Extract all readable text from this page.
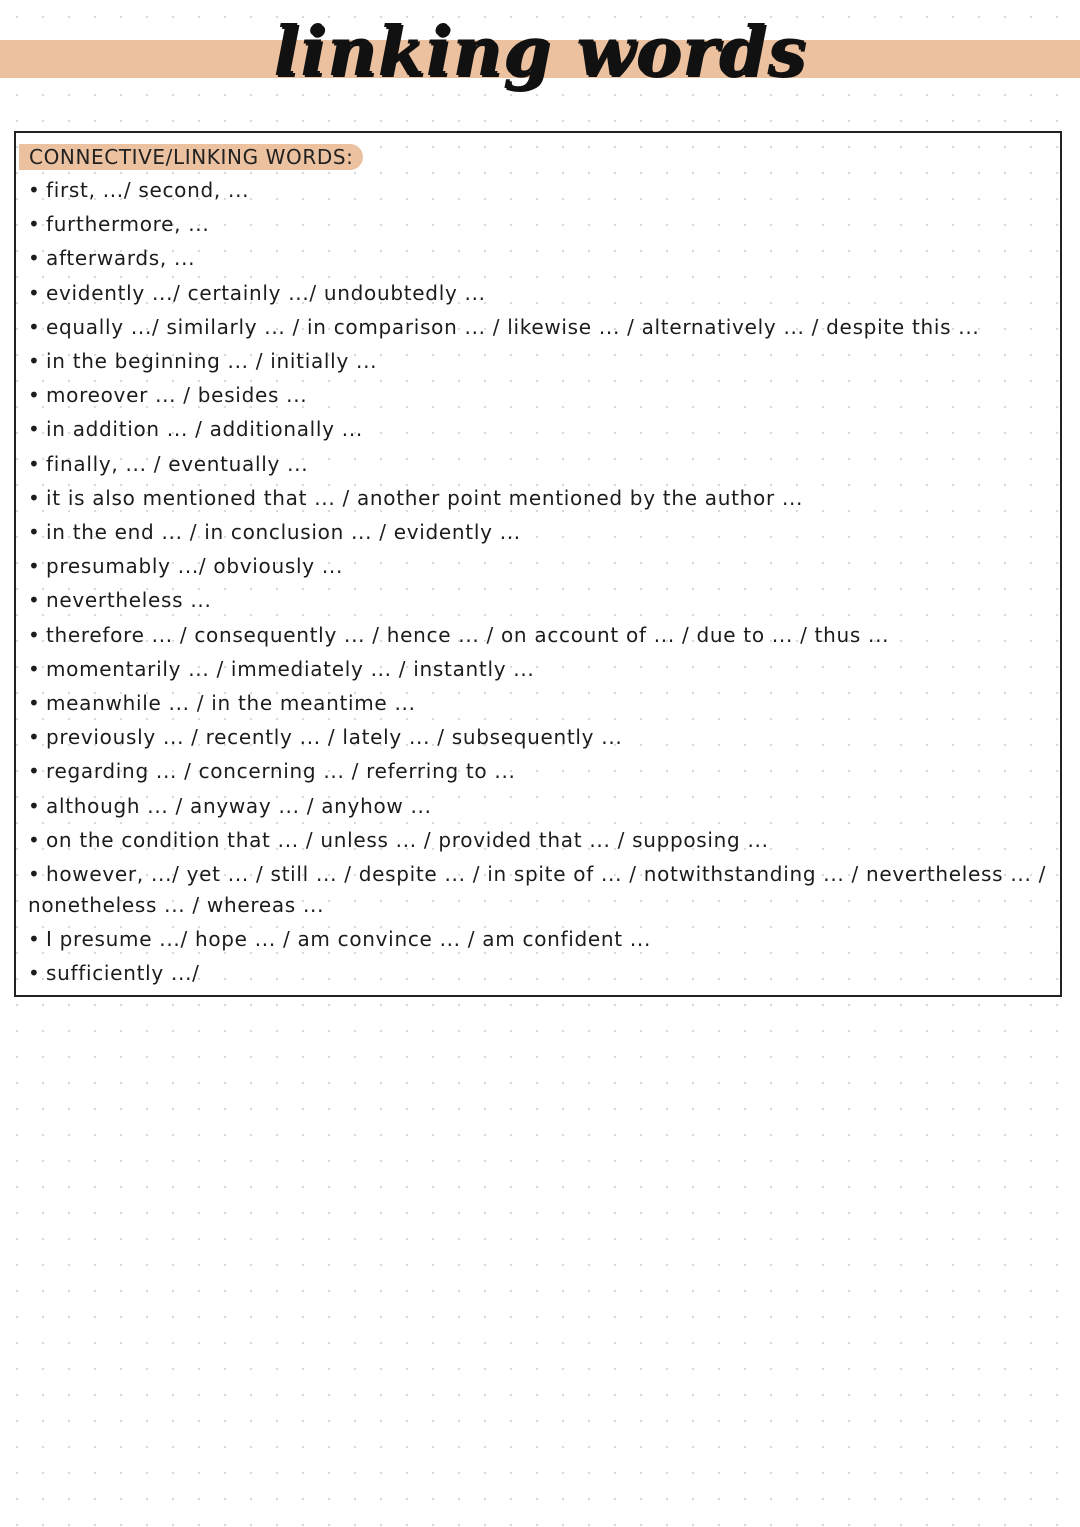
linking words
CONNECTIVE/LINKING WORDS:
• first, .../ second, ...
• furthermore, ...
• afterwards, ...
• evidently .../ certainly .../ undoubtedly ...
• equally .../ similarly ... / in comparison ... / likewise ... / alternatively ... / despite this ...
• in the beginning ... / initially ...
• moreover ... / besides ...
• in addition ... / additionally ...
• finally, ... / eventually ...
• it is also mentioned that ... / another point mentioned by the author ...
• in the end ... / in conclusion ... / evidently ...
• presumably .../ obviously ...
• nevertheless ...
• therefore ... / consequently ... / hence ... / on account of ... / due to ... / thus ...
• momentarily ... / immediately ... / instantly ...
• meanwhile ... / in the meantime ...
• previously ... / recently ... / lately ... / subsequently ...
• regarding ... / concerning ... / referring to ...
• although ... / anyway ... / anyhow ...
• on the condition that ... / unless ... / provided that ... / supposing ...
• however, .../ yet ... / still ... / despite ... / in spite of ... / notwithstanding ... / nevertheless ... / nonetheless ... / whereas ...
• I presume .../ hope ... / am convince ... / am confident ...
• sufficiently .../
